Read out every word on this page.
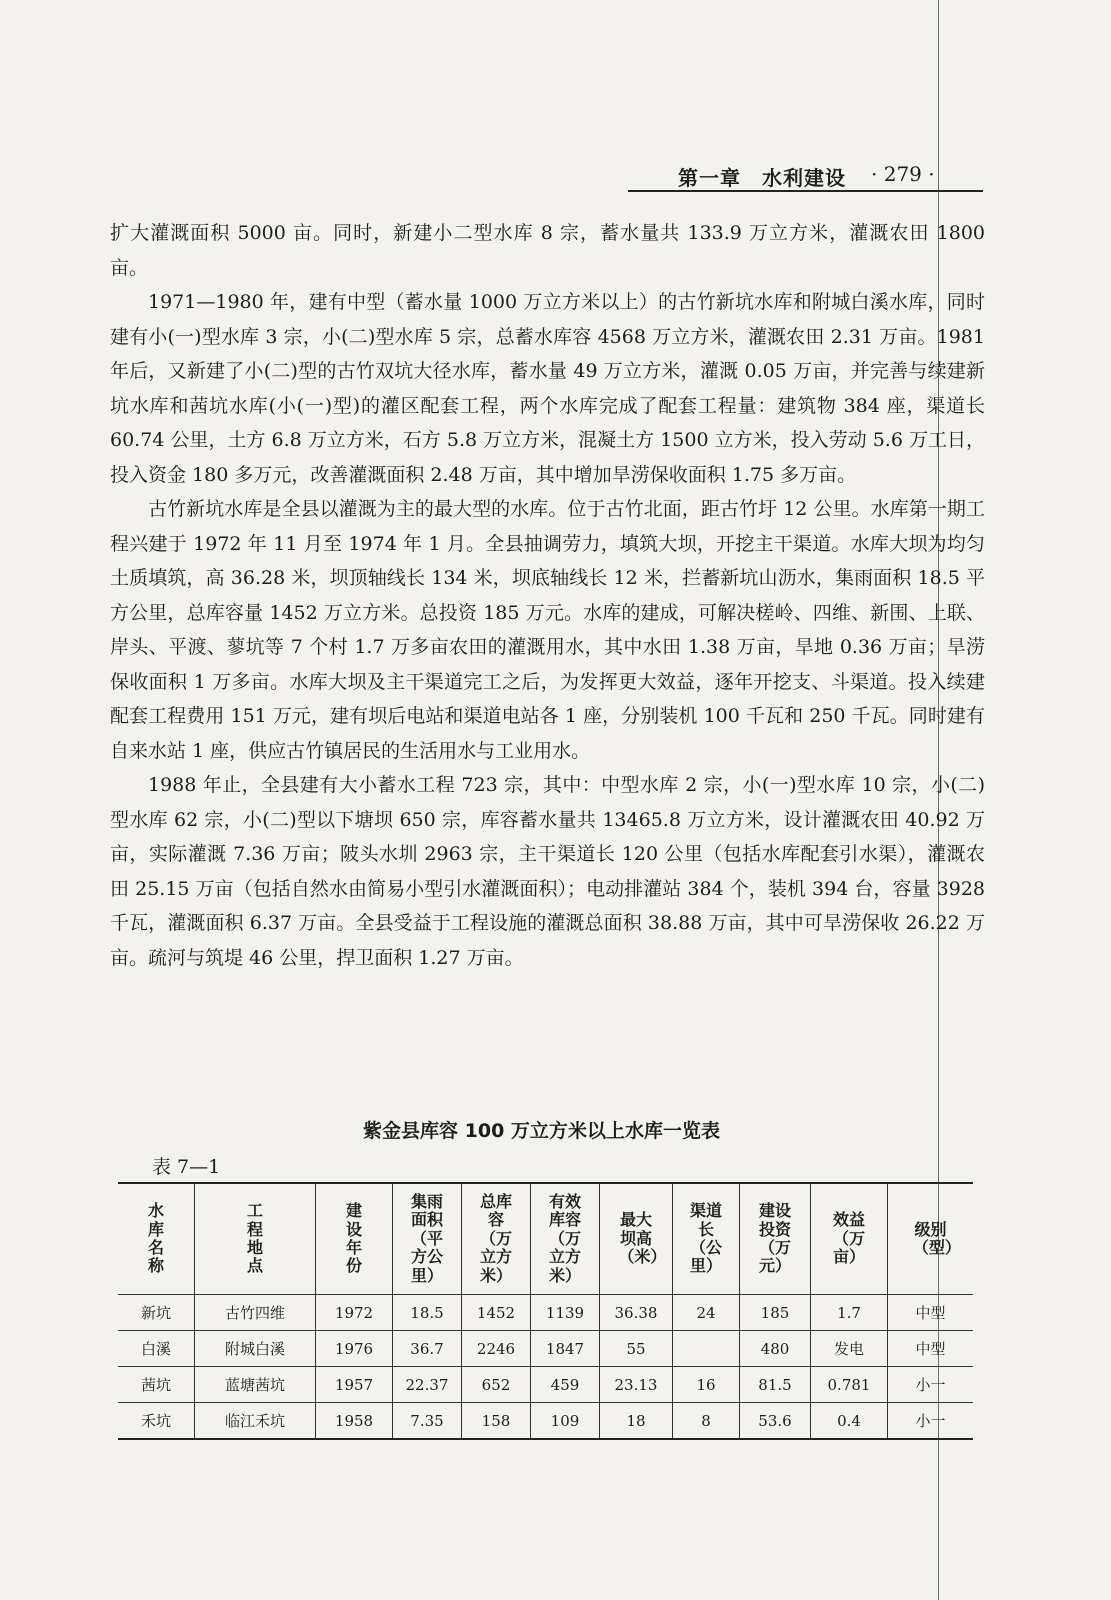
第一章　水利建设 · 279 ·

扩大灌溉面积 5000 亩。同时，新建小二型水库 8 宗，蓄水量共 133.9 万立方米，灌溉农田 1800 亩。

1971—1980 年，建有中型（蓄水量 1000 万立方米以上）的古竹新坑水库和附城白溪水库，同时建有小(一)型水库 3 宗，小(二)型水库 5 宗，总蓄水库容 4568 万立方米，灌溉农田 2.31 万亩。1981 年后，又新建了小(二)型的古竹双坑大径水库，蓄水量 49 万立方米，灌溉 0.05 万亩，并完善与续建新坑水库和茜坑水库(小(一)型)的灌区配套工程，两个水库完成了配套工程量：建筑物 384 座，渠道长 60.74 公里，土方 6.8 万立方米，石方 5.8 万立方米，混凝土方 1500 立方米，投入劳动 5.6 万工日，投入资金 180 多万元，改善灌溉面积 2.48 万亩，其中增加旱涝保收面积 1.75 多万亩。

古竹新坑水库是全县以灌溉为主的最大型的水库。位于古竹北面，距古竹圩 12 公里。水库第一期工程兴建于 1972 年 11 月至 1974 年 1 月。全县抽调劳力，填筑大坝，开挖主干渠道。水库大坝为均匀土质填筑，高 36.28 米，坝顶轴线长 134 米，坝底轴线长 12 米，拦蓄新坑山沥水，集雨面积 18.5 平方公里，总库容量 1452 万立方米。总投资 185 万元。水库的建成，可解决槎岭、四维、新围、上联、岸头、平渡、蓼坑等 7 个村 1.7 万多亩农田的灌溉用水，其中水田 1.38 万亩，旱地 0.36 万亩；旱涝保收面积 1 万多亩。水库大坝及主干渠道完工之后，为发挥更大效益，逐年开挖支、斗渠道。投入续建配套工程费用 151 万元，建有坝后电站和渠道电站各 1 座，分别装机 100 千瓦和 250 千瓦。同时建有自来水站 1 座，供应古竹镇居民的生活用水与工业用水。

1988 年止，全县建有大小蓄水工程 723 宗，其中：中型水库 2 宗，小(一)型水库 10 宗，小(二)型水库 62 宗，小(二)型以下塘坝 650 宗，库容蓄水量共 13465.8 万立方米，设计灌溉农田 40.92 万亩，实际灌溉 7.36 万亩；陂头水圳 2963 宗，主干渠道长 120 公里（包括水库配套引水渠），灌溉农田 25.15 万亩（包括自然水由简易小型引水灌溉面积）；电动排灌站 384 个，装机 394 台，容量 3928 千瓦，灌溉面积 6.37 万亩。全县受益于工程设施的灌溉总面积 38.88 万亩，其中可旱涝保收 26.22 万亩。疏河与筑堤 46 公里，捍卫面积 1.27 万亩。

紫金县库容 100 万立方米以上水库一览表
表 7—1
水库名称	工程地点	建设年份	集雨面积（平方公里）	总库容（万立方米）	有效库容（万立方米）	最大坝高（米）	渠道长（公里）	建设投资（万元）	效益（万亩）	级别（型）
新坑	古竹四维	1972	18.5	1452	1139	36.38	24	185	1.7	中型
白溪	附城白溪	1976	36.7	2246	1847	55		480	发电	中型
茜坑	蓝塘茜坑	1957	22.37	652	459	23.13	16	81.5	0.781	小一
禾坑	临江禾坑	1958	7.35	158	109	18	8	53.6	0.4	小一
